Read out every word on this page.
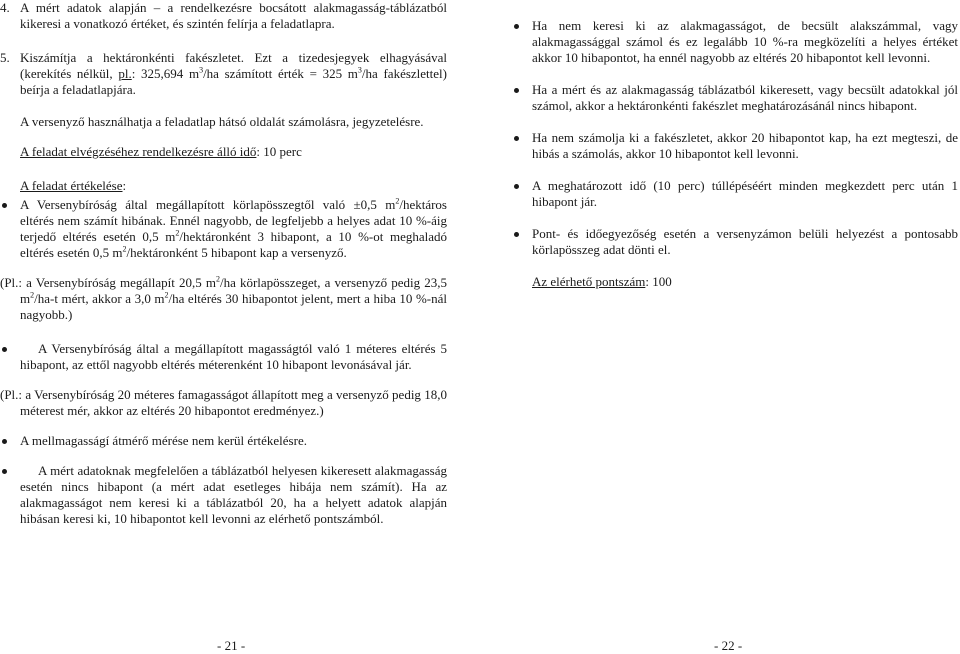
4. A mért adatok alapján – a rendelkezésre bocsátott alakmagasság-táblázatból kikeresi a vonatkozó értéket, és szintén felírja a feladatlapra.

5. Kiszámítja a hektáronkénti fakészletet. Ezt a tizedesjegyek elhagyásával (kerekítés nélkül, pl.: 325,694 $m^3/ha$ számított érték = 325 $m^3/ha$ fakészlettel) beírja a feladatlapjára.

A versenyző használhatja a feladatlap hátsó oldalát számolásra, jegyzetelésre.

A feladat elvégzéséhez rendelkezésre álló idő: 10 perc

A feladat értékelése:

A Versenybíróság által megállapított körlapösszegtől való ±0,5 $m^2$/hektáros eltérés nem számít hibának. Ennél nagyobb, de legfeljebb a helyes adat 10 %-áig terjedő eltérés esetén 0,5 $m^2$/hektáronként 3 hibapont, a 10 %-ot meghaladó eltérés esetén 0,5 $m^2$/hektáronként 5 hibapont kap a versenyző.

(Pl.: a Versenybíróság megállapít 20,5 $m^2/ha$ körlapösszeget, a versenyző pedig 23,5 $m^2/ha-t$ mért, akkor a 3,0 $m^2/ha$ eltérés 30 hibapontot jelent, mert a hiba 10 %-nál nagyobb.)

A Versenybíróság által a megállapított magasságtól való 1 méteres eltérés 5 hibapont, az ettől nagyobb eltérés méterenként 10 hibapont levonásával jár.

(Pl.: a Versenybíróság 20 méteres famagasságot állapított meg a versenyző pedig 18,0 méterest mér, akkor az eltérés 20 hibapontot eredményez.)

A mellmagasságí átmérő mérése nem kerül értékelésre.

A mért adatoknak megfelelően a táblázatból helyesen kikeresett alakmagasság esetén nincs hibapont (a mért adat esetleges hibája nem számít). Ha az alakmagasságot nem keresi ki a táblázatból 20, ha a helyett adatok alapján hibásan keresi ki, 10 hibapontot kell levonni az elérhető pontszámból.

- 21 -

Ha nem keresi ki az alakmagasságot, de becsült alakszámmal, vagy alakmagassággal számol és ez legalább 10 %-ra megközelíti a helyes értéket akkor 10 hibapontot, ha ennél nagyobb az eltérés 20 hibapontot kell levonni.

Ha a mért és az alakmagasság táblázatból kikeresett, vagy becsült adatokkal jól számol, akkor a hektáronkénti fakészlet meghatározásánál nincs hibapont.

Ha nem számolja ki a fakészletet, akkor 20 hibapontot kap, ha ezt megteszi, de hibás a számolás, akkor 10 hibapontot kell levonni.

A meghatározott idő (10 perc) túllépéséért minden megkezdett perc után 1 hibapont jár.

Pont- és időegyezőség esetén a versenyzámon belüli helyezést a pontosabb körlapösszeg adat dönti el.

Az elérhető pontszám: 100

- 22 -
